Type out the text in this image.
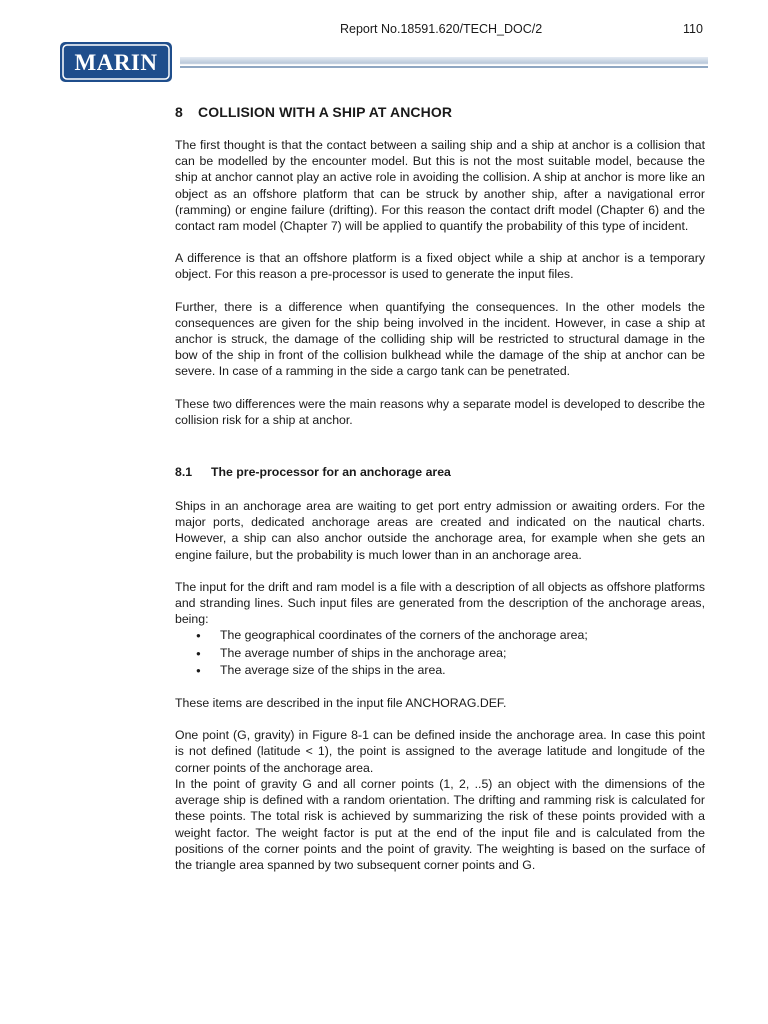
Report No.18591.620/TECH_DOC/2	110
MARIN
8 COLLISION WITH A SHIP AT ANCHOR

The first thought is that the contact between a sailing ship and a ship at anchor is a collision that can be modelled by the encounter model. But this is not the most suitable model, because the ship at anchor cannot play an active role in avoiding the collision. A ship at anchor is more like an object as an offshore platform that can be struck by another ship, after a navigational error (ramming) or engine failure (drifting). For this reason the contact drift model (Chapter 6) and the contact ram model (Chapter 7) will be applied to quantify the probability of this type of incident.

A difference is that an offshore platform is a fixed object while a ship at anchor is a temporary object. For this reason a pre-processor is used to generate the input files.

Further, there is a difference when quantifying the consequences. In the other models the consequences are given for the ship being involved in the incident. However, in case a ship at anchor is struck, the damage of the colliding ship will be restricted to structural damage in the bow of the ship in front of the collision bulkhead while the damage of the ship at anchor can be severe. In case of a ramming in the side a cargo tank can be penetrated.

These two differences were the main reasons why a separate model is developed to describe the collision risk for a ship at anchor.

8.1 The pre-processor for an anchorage area

Ships in an anchorage area are waiting to get port entry admission or awaiting orders. For the major ports, dedicated anchorage areas are created and indicated on the nautical charts. However, a ship can also anchor outside the anchorage area, for example when she gets an engine failure, but the probability is much lower than in an anchorage area.

The input for the drift and ram model is a file with a description of all objects as offshore platforms and stranding lines. Such input files are generated from the description of the anchorage areas, being:

● The geographical coordinates of the corners of the anchorage area;
● The average number of ships in the anchorage area;
● The average size of the ships in the area.

These items are described in the input file ANCHORAG.DEF.

One point (G, gravity) in Figure 8-1 can be defined inside the anchorage area. In case this point is not defined (latitude < 1), the point is assigned to the average latitude and longitude of the corner points of the anchorage area.

In the point of gravity G and all corner points (1, 2, ..5) an object with the dimensions of the average ship is defined with a random orientation. The drifting and ramming risk is calculated for these points. The total risk is achieved by summarizing the risk of these points provided with a weight factor. The weight factor is put at the end of the input file and is calculated from the positions of the corner points and the point of gravity. The weighting is based on the surface of the triangle area spanned by two subsequent corner points and G.
